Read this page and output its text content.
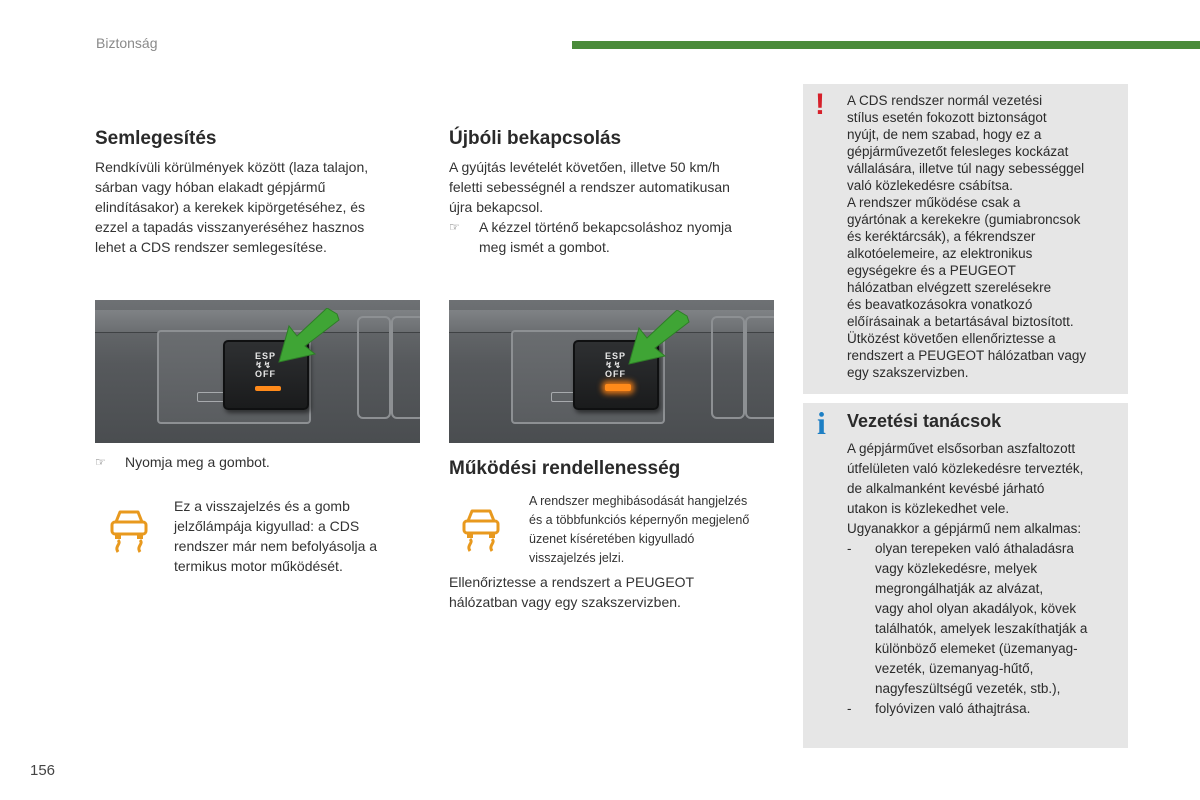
Biztonság
Semlegesítés

Rendkívüli körülmények között (laza talajon,

sárban vagy hóban elakadt gépjármű

elindításakor) a kerekek kipörgetéséhez, és

ezzel a tapadás visszanyeréséhez hasznos

lehet a CDS rendszer semlegesítése.

ESP
↯↯
OFF
☞	Nyomja meg a gombot.

Ez a visszajelzés és a gomb

jelzőlámpája kigyullad: a CDS

rendszer már nem befolyásolja a

termikus motor működését.

Újbóli bekapcsolás

A gyújtás levételét követően, illetve 50 km/h

feletti sebességnél a rendszer automatikusan

újra bekapcsol.

☞	A kézzel történő bekapcsoláshoz nyomja
meg ismét a gombot.
ESP
↯↯
OFF
Működési rendellenesség

A rendszer meghibásodását hangjelzés

és a többfunkciós képernyőn megjelenő

üzenet kíséretében kigyulladó

visszajelzés jelzi.

Ellenőriztesse a rendszert a PEUGEOT

hálózatban vagy egy szakszervizben.

! A CDS rendszer normál vezetési

stílus esetén fokozott biztonságot

nyújt, de nem szabad, hogy ez a

gépjárművezetőt felesleges kockázat

vállalására, illetve túl nagy sebességgel

való közlekedésre csábítsa.

A rendszer működése csak a

gyártónak a kerekekre (gumiabroncsok

és keréktárcsák), a fékrendszer

alkotóelemeire, az elektronikus

egységekre és a PEUGEOT

hálózatban elvégzett szerelésekre

és beavatkozásokra vonatkozó

előírásainak a betartásával biztosított.

Ütközést követően ellenőriztesse a

rendszert a PEUGEOT hálózatban vagy

egy szakszervizben.

i Vezetési tanácsok

A gépjárművet elsősorban aszfaltozott

útfelületen való közlekedésre tervezték,

de alkalmanként kevésbé járható

utakon is közlekedhet vele.

Ugyanakkor a gépjármű nem alkalmas:

-	olyan terepeken való áthaladásra
vagy közlekedésre, melyek
megrongálhatják az alvázat,
vagy ahol olyan akadályok, kövek
találhatók, amelyek leszakíthatják a
különböző elemeket (üzemanyag-
vezeték, üzemanyag-hűtő,
nagyfeszültségű vezeték, stb.),
-	folyóvizen való áthajtrása.
156
